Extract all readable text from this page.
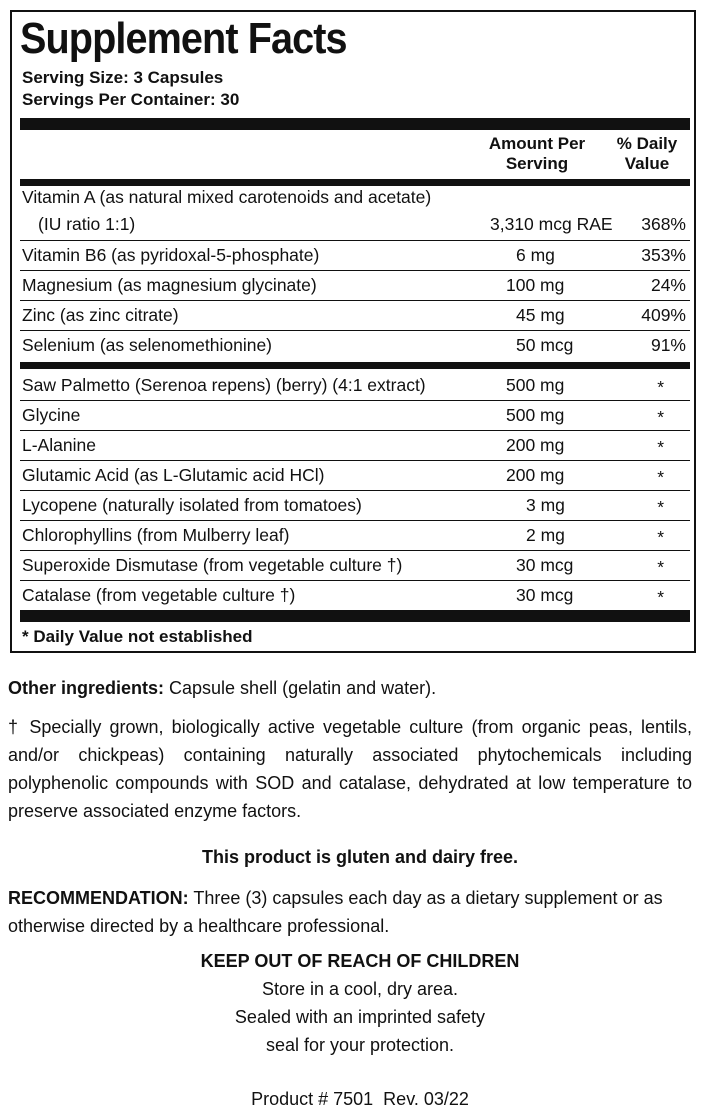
Supplement Facts
Serving Size: 3 Capsules
Servings Per Container: 30
Amount Per Serving
% Daily Value
Vitamin A (as natural mixed carotenoids and acetate)
(IU ratio 1:1)	3,310 mcg RAE	368%
Vitamin B6 (as pyridoxal-5-phosphate)	6 mg	353%
Magnesium (as magnesium glycinate)	100 mg	24%
Zinc (as zinc citrate)	45 mg	409%
Selenium (as selenomethionine)	50 mcg	91%
Saw Palmetto (Serenoa repens) (berry) (4:1 extract)	500 mg	*
Glycine	500 mg	*
L-Alanine	200 mg	*
Glutamic Acid (as L-Glutamic acid HCl)	200 mg	*
Lycopene (naturally isolated from tomatoes)	3 mg	*
Chlorophyllins (from Mulberry leaf)	2 mg	*
Superoxide Dismutase (from vegetable culture †)	30 mcg	*
Catalase (from vegetable culture †)	30 mcg	*
* Daily Value not established
Other ingredients: Capsule shell (gelatin and water).
† Specially grown, biologically active vegetable culture (from organic peas, lentils, and/or chickpeas) containing naturally associated phytochemicals including polyphenolic compounds with SOD and catalase, dehydrated at low temperature to preserve associated enzyme factors.
This product is gluten and dairy free.
RECOMMENDATION: Three (3) capsules each day as a dietary supplement or as otherwise directed by a healthcare professional.
KEEP OUT OF REACH OF CHILDREN
Store in a cool, dry area.
Sealed with an imprinted safety
seal for your protection.
Product # 7501  Rev. 03/22
